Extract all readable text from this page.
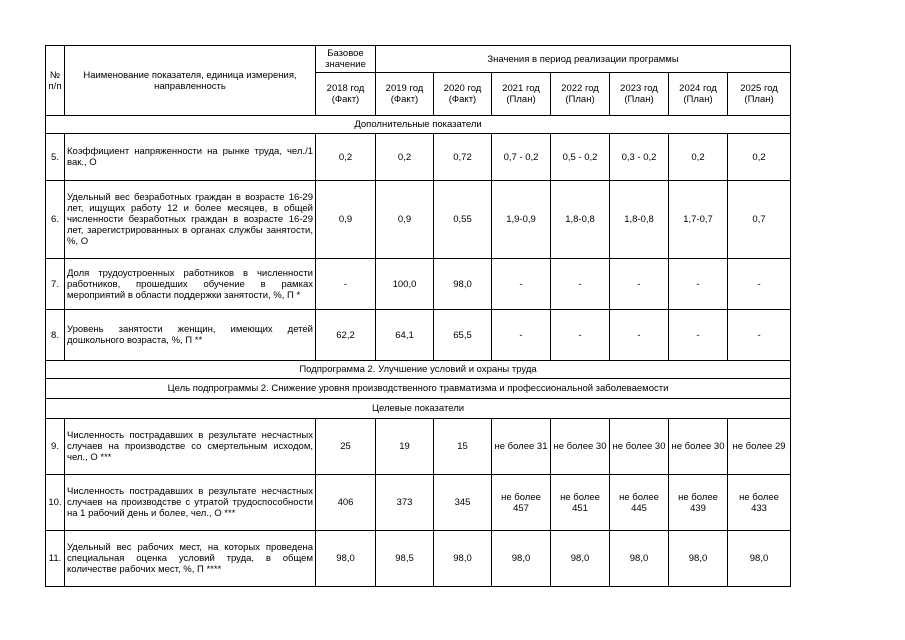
№ п/п	Наименование показателя, единица измерения, направленность	Базовое значение	Значения в период реализации программы						
		2018 год (Факт)	2019 год (Факт)	2020 год (Факт)	2021 год (План)	2022 год (План)	2023 год (План)	2024 год (План)	2025 год (План)
Дополнительные показатели									
5.	Коэффициент напряженности на рынке труда, чел./1 вак., О	0,2	0,2	0,72	0,7 - 0,2	0,5 - 0,2	0,3 - 0,2	0,2	0,2
6.	Удельный вес безработных граждан в возрасте 16-29 лет, ищущих работу 12 и более месяцев, в общей численности безработных граждан в возрасте 16-29 лет, зарегистрированных в органах службы занятости, %, О	0,9	0,9	0,55	1,9-0,9	1,8-0,8	1,8-0,8	1,7-0,7	0,7
7.	Доля трудоустроенных работников в численности работников, прошедших обучение в рамках мероприятий в области поддержки занятости, %, П *	-	100,0	98,0	-	-	-	-	-
8.	Уровень занятости женщин, имеющих детей дошкольного возраста, %, П **	62,2	64,1	65,5	-	-	-	-	-
Подпрограмма 2. Улучшение условий и охраны труда									
Цель подпрограммы 2. Снижение уровня производственного травматизма и профессиональной заболеваемости									
Целевые показатели									
9.	Численность пострадавших в результате несчастных случаев на производстве со смертельным исходом, чел., О ***	25	19	15	не более 31	не более 30	не более 30	не более 30	не более 29
10.	Численность пострадавших в результате несчастных случаев на производстве с утратой трудоспособности на 1 рабочий день и более, чел., О ***	406	373	345	не более 457	не более 451	не более 445	не более 439	не более 433
11.	Удельный вес рабочих мест, на которых проведена специальная оценка условий труда, в общем количестве рабочих мест, %, П ****	98,0	98,5	98,0	98,0	98,0	98,0	98,0	98,0
